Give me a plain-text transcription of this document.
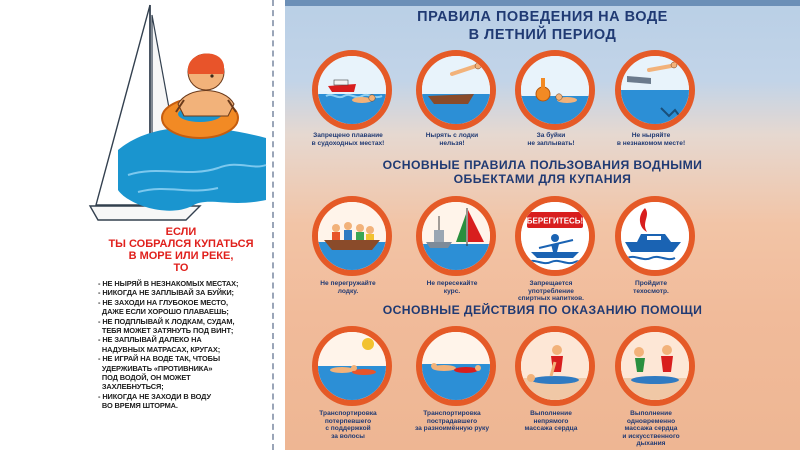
ЕСЛИ
ТЫ СОБРАЛСЯ КУПАТЬСЯ
В МОРЕ ИЛИ РЕКЕ,
ТО
- НЕ НЫРЯЙ В НЕЗНАКОМЫХ МЕСТАХ;
- НИКОГДА НЕ ЗАПЛЫВАЙ ЗА БУЙКИ;
- НЕ ЗАХОДИ НА ГЛУБОКОЕ МЕСТО,
ДАЖЕ ЕСЛИ ХОРОШО ПЛАВАЕШЬ;
- НЕ ПОДПЛЫВАЙ К ЛОДКАМ, СУДАМ,
ТЕБЯ МОЖЕТ ЗАТЯНУТЬ ПОД ВИНТ;
- НЕ ЗАПЛЫВАЙ ДАЛЕКО НА
НАДУВНЫХ МАТРАСАХ, КРУГАХ;
- НЕ ИГРАЙ НА ВОДЕ ТАК, ЧТОБЫ
УДЕРЖИВАТЬ «ПРОТИВНИКА»
ПОД ВОДОЙ, ОН МОЖЕТ
ЗАХЛЕБНУТЬСЯ;
- НИКОГДА НЕ ЗАХОДИ В ВОДУ
ВО ВРЕМЯ ШТОРМА.
ПРАВИЛА ПОВЕДЕНИЯ НА ВОДЕ
В ЛЕТНИЙ ПЕРИОД
Запрещено плавание
в судоходных местах!
Нырять с лодки
нельзя!
За буйки
не заплывать!
Не ныряйте
в незнакомом месте!
ОСНОВНЫЕ ПРАВИЛА ПОЛЬЗОВАНИЯ ВОДНЫМИ
ОБЬЕКТАМИ ДЛЯ КУПАНИЯ
БЕРЕГИТЕСЬ!
Не перегружайте
лодку.
Не пересекайте
курс.
Запрещается
употребление
спиртных напитков.
Пройдите
техосмотр.
ОСНОВНЫЕ ДЕЙСТВИЯ ПО ОКАЗАНИЮ ПОМОЩИ
Транспортировка
потерпевшего
с поддержкой
за волосы
Транспортировка
пострадавшего
за разноимённую руку
Выполнение
непрямого
массажа сердца
Выполнение
одновременно
массажа сердца
и искусственного
дыхания
